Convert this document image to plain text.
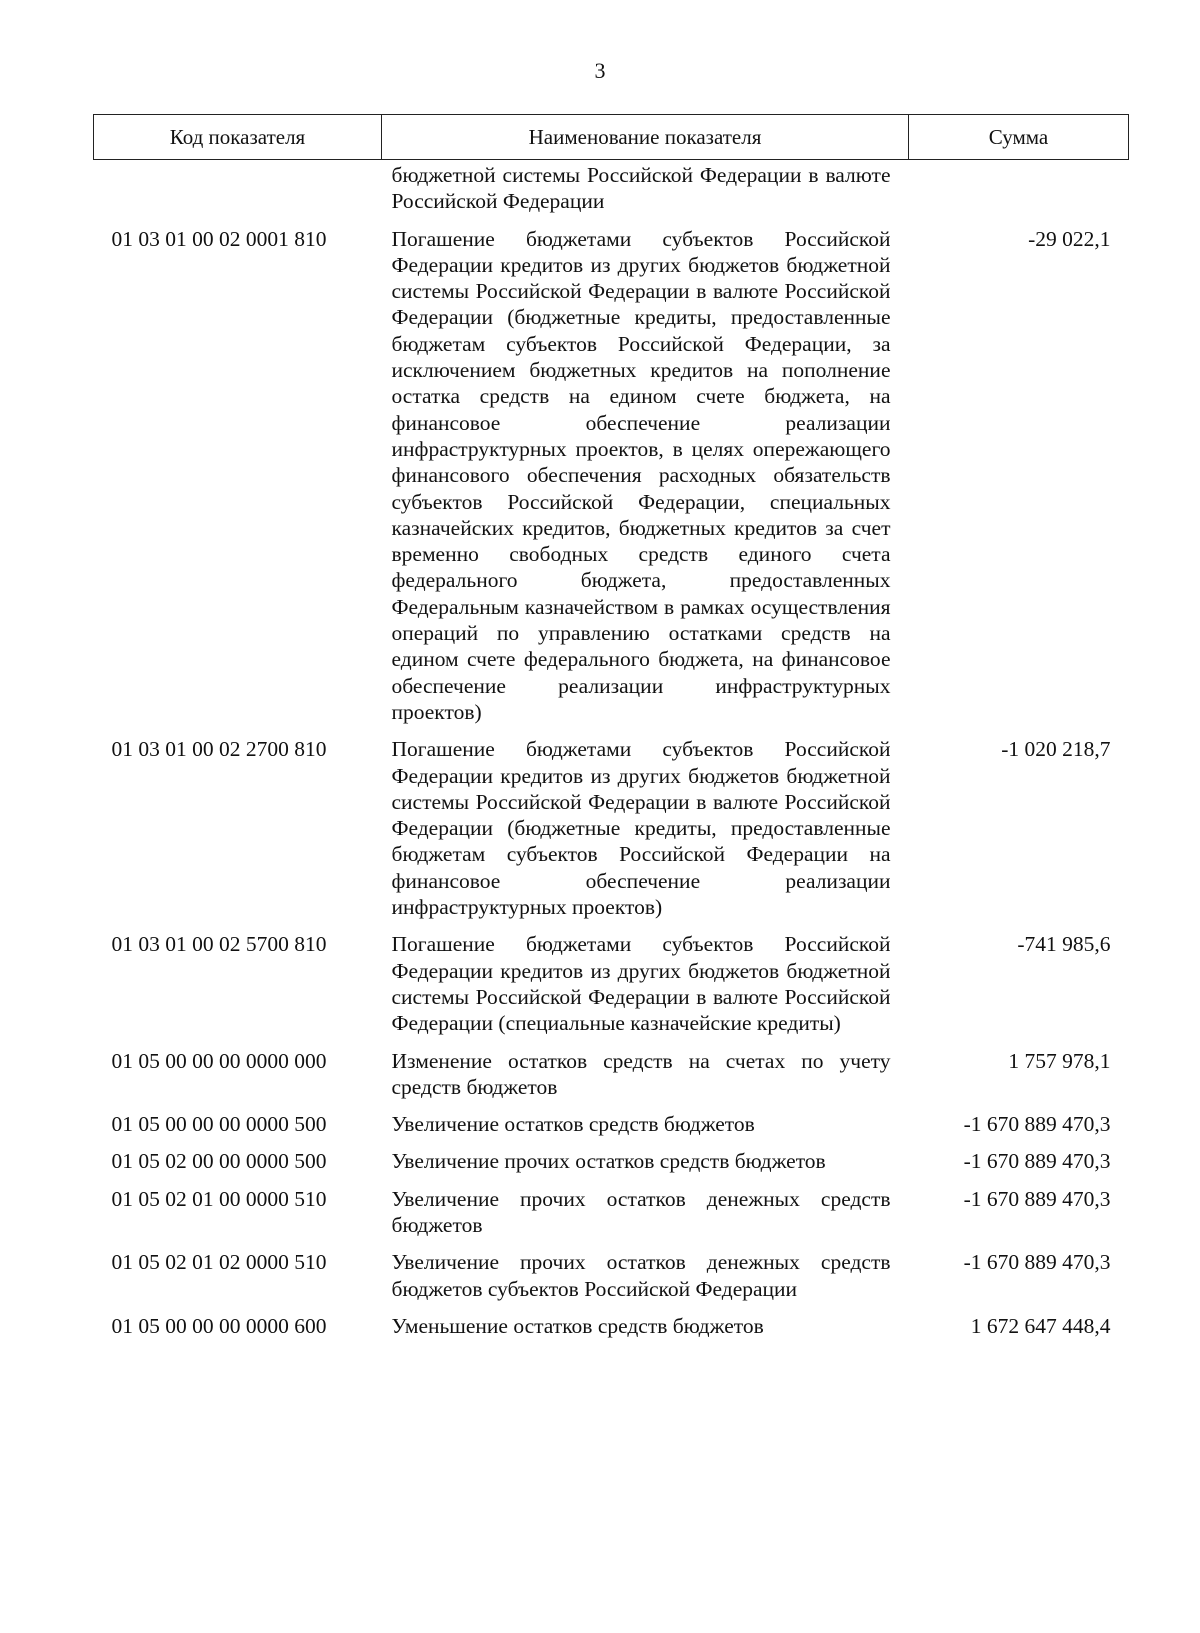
3
Код показателя	Наименование показателя	Сумма
	бюджетной системы Российской Федерации в валюте Российской Федерации	
01 03 01 00 02 0001 810	Погашение бюджетами субъектов Российской Федерации кредитов из других бюджетов бюджетной системы Российской Федерации в валюте Российской Федерации (бюджетные кредиты, предоставленные бюджетам субъектов Российской Федерации, за исключением бюджетных кредитов на пополнение остатка средств на едином счете бюджета, на финансовое обеспечение реализации инфраструктурных проектов, в целях опережающего финансового обеспечения расходных обязательств субъектов Российской Федерации, специальных казначейских кредитов, бюджетных кредитов за счет временно свободных средств единого счета федерального бюджета, предоставленных Федеральным казначейством в рамках осуществления операций по управлению остатками средств на едином счете федерального бюджета, на финансовое обеспечение реализации инфраструктурных проектов)	-29 022,1
01 03 01 00 02 2700 810	Погашение бюджетами субъектов Российской Федерации кредитов из других бюджетов бюджетной системы Российской Федерации в валюте Российской Федерации (бюджетные кредиты, предоставленные бюджетам субъектов Российской Федерации на финансовое обеспечение реализации инфраструктурных проектов)	-1 020 218,7
01 03 01 00 02 5700 810	Погашение бюджетами субъектов Российской Федерации кредитов из других бюджетов бюджетной системы Российской Федерации в валюте Российской Федерации (специальные казначейские кредиты)	-741 985,6
01 05 00 00 00 0000 000	Изменение остатков средств на счетах по учету средств бюджетов	1 757 978,1
01 05 00 00 00 0000 500	Увеличение остатков средств бюджетов	-1 670 889 470,3
01 05 02 00 00 0000 500	Увеличение прочих остатков средств бюджетов	-1 670 889 470,3
01 05 02 01 00 0000 510	Увеличение прочих остатков денежных средств бюджетов	-1 670 889 470,3
01 05 02 01 02 0000 510	Увеличение прочих остатков денежных средств бюджетов субъектов Российской Федерации	-1 670 889 470,3
01 05 00 00 00 0000 600	Уменьшение остатков средств бюджетов	1 672 647 448,4
